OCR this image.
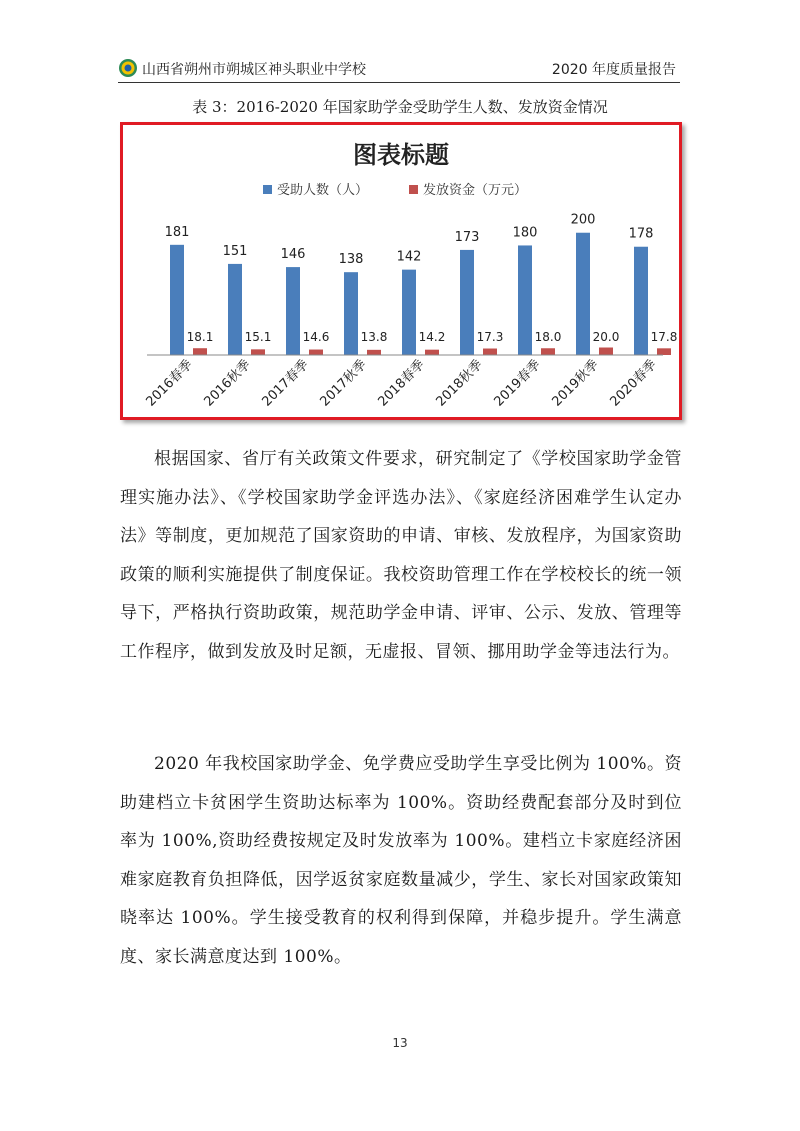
山西省朔州市朔城区神头职业中学校	2020 年度质量报告
表 3：2016-2020 年国家助学金受助学生人数、发放资金情况
图表标题
受助人数（人）	发放资金（万元）
181
18.1
151
15.1
146
14.6
138
13.8
142
14.2
173
17.3
180
18.0
200
20.0
178
17.8
2016春季 2016秋季 2017春季 2017秋季 2018春季 2018秋季 2019春季 2019秋季 2020春季
根据国家、省厅有关政策文件要求，研究制定了《学校国家助学金管理实施办法》、《学校国家助学金评选办法》、《家庭经济困难学生认定办法》等制度，更加规范了国家资助的申请、审核、发放程序，为国家资助政策的顺利实施提供了制度保证。我校资助管理工作在学校校长的统一领导下，严格执行资助政策，规范助学金申请、评审、公示、发放、管理等工作程序，做到发放及时足额，无虚报、冒领、挪用助学金等违法行为。
2020 年我校国家助学金、免学费应受助学生享受比例为 100%。资助建档立卡贫困学生资助达标率为 100%。资助经费配套部分及时到位率为 100%,资助经费按规定及时发放率为 100%。建档立卡家庭经济困难家庭教育负担降低，因学返贫家庭数量减少，学生、家长对国家政策知晓率达 100%。学生接受教育的权利得到保障，并稳步提升。学生满意度、家长满意度达到 100%。
13
